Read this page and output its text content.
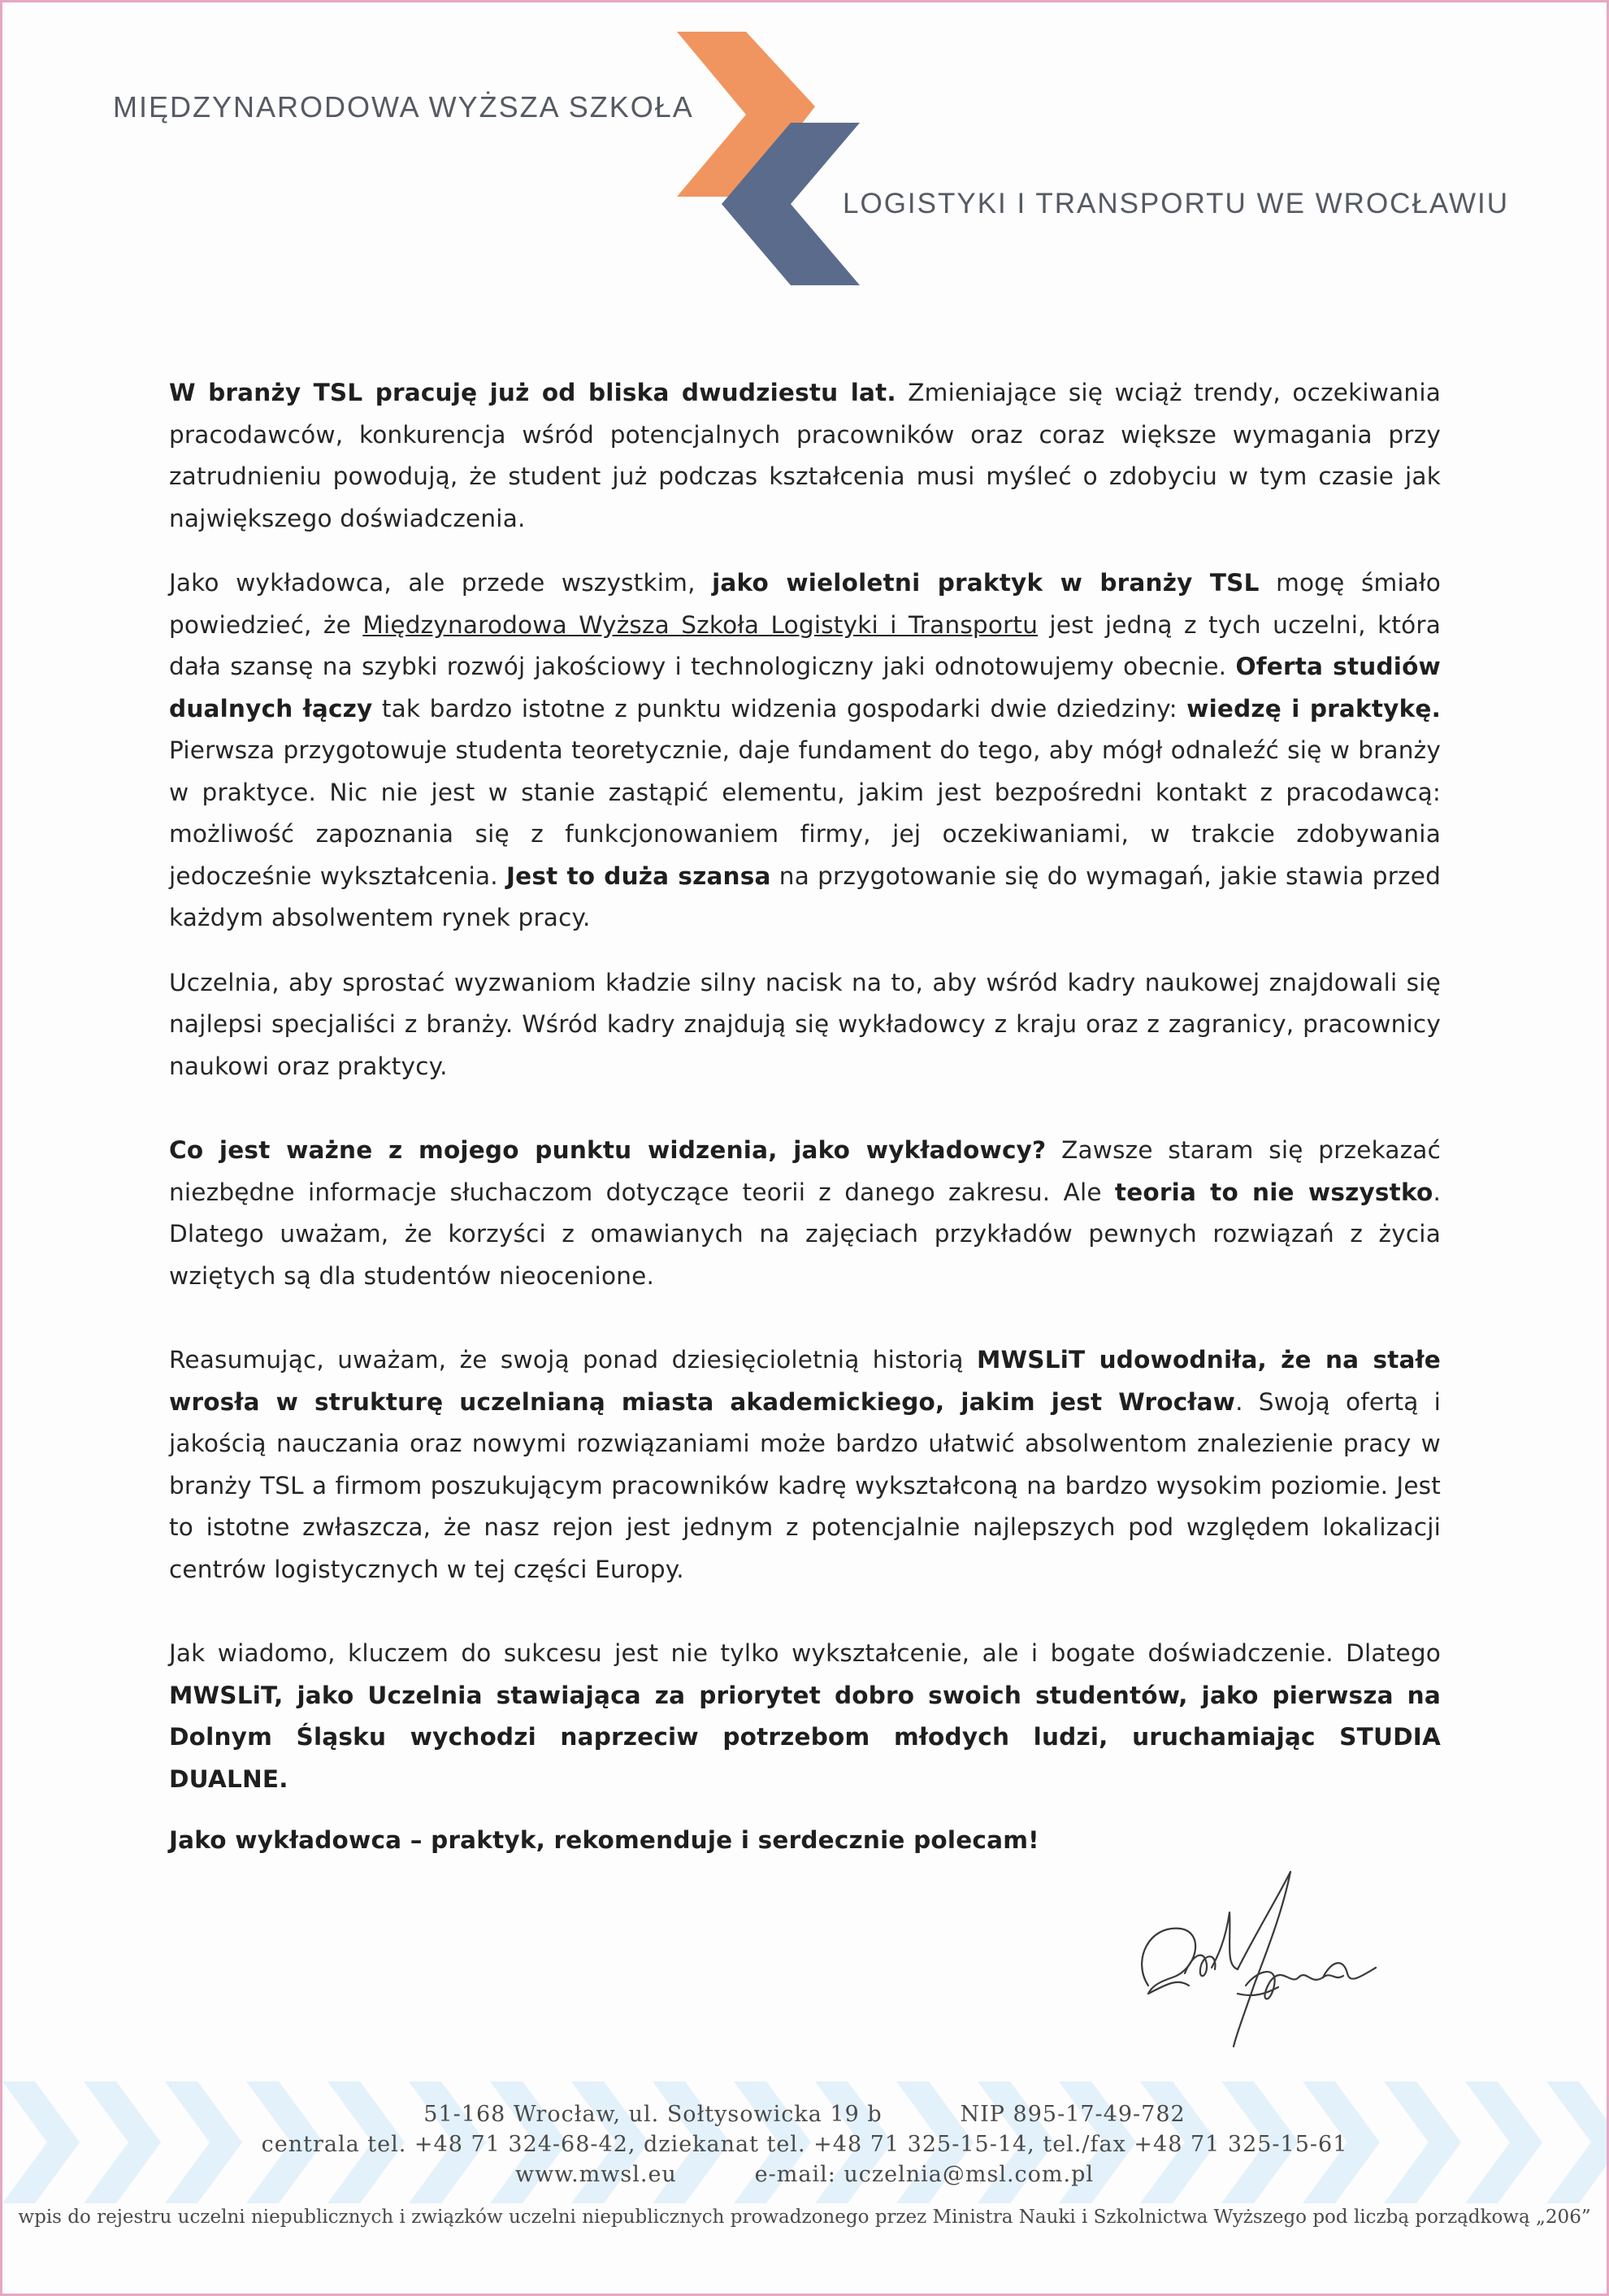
MIĘDZYNARODOWA WYŻSZA SZKOŁA
LOGISTYKI I TRANSPORTU WE WROCŁAWIU

W branży TSL pracuję już od bliska dwudziestu lat. Zmieniające się wciąż trendy, oczekiwania pracodawców, konkurencja wśród potencjalnych pracowników oraz coraz większe wymagania przy zatrudnieniu powodują, że student już podczas kształcenia musi myśleć o zdobyciu w tym czasie jak największego doświadczenia.

Jako wykładowca, ale przede wszystkim, jako wieloletni praktyk w branży TSL mogę śmiało powiedzieć, że Międzynarodowa Wyższa Szkoła Logistyki i Transportu jest jedną z tych uczelni, która dała szansę na szybki rozwój jakościowy i technologiczny jaki odnotowujemy obecnie. Oferta studiów dualnych łączy tak bardzo istotne z punktu widzenia gospodarki dwie dziedziny: wiedzę i praktykę. Pierwsza przygotowuje studenta teoretycznie, daje fundament do tego, aby mógł odnaleźć się w branży w praktyce. Nic nie jest w stanie zastąpić elementu, jakim jest bezpośredni kontakt z pracodawcą: możliwość zapoznania się z funkcjonowaniem firmy, jej oczekiwaniami, w trakcie zdobywania jedocześnie wykształcenia. Jest to duża szansa na przygotowanie się do wymagań, jakie stawia przed każdym absolwentem rynek pracy.

Uczelnia, aby sprostać wyzwaniom kładzie silny nacisk na to, aby wśród kadry naukowej znajdowali się najlepsi specjaliści z branży. Wśród kadry znajdują się wykładowcy z kraju oraz z zagranicy, pracownicy naukowi oraz praktycy.

Co jest ważne z mojego punktu widzenia, jako wykładowcy? Zawsze staram się przekazać niezbędne informacje słuchaczom dotyczące teorii z danego zakresu. Ale teoria to nie wszystko. Dlatego uważam, że korzyści z omawianych na zajęciach przykładów pewnych rozwiązań z życia wziętych są dla studentów nieocenione.

Reasumując, uważam, że swoją ponad dziesięcioletnią historią MWSLiT udowodniła, że na stałe wrosła w strukturę uczelnianą miasta akademickiego, jakim jest Wrocław. Swoją ofertą i jakością nauczania oraz nowymi rozwiązaniami może bardzo ułatwić absolwentom znalezienie pracy w branży TSL a firmom poszukującym pracowników kadrę wykształconą na bardzo wysokim poziomie. Jest to istotne zwłaszcza, że nasz rejon jest jednym z potencjalnie najlepszych pod względem lokalizacji centrów logistycznych w tej części Europy.

Jak wiadomo, kluczem do sukcesu jest nie tylko wykształcenie, ale i bogate doświadczenie. Dlatego MWSLiT, jako Uczelnia stawiająca za priorytet dobro swoich studentów, jako pierwsza na Dolnym Śląsku wychodzi naprzeciw potrzebom młodych ludzi, uruchamiając STUDIA DUALNE.

Jako wykładowca – praktyk, rekomenduje i serdecznie polecam!

51-168 Wrocław, ul. Sołtysowicka 19 b	NIP 895-17-49-782
centrala tel. +48 71 324-68-42, dziekanat tel. +48 71 325-15-14, tel./fax +48 71 325-15-61
www.mwsl.eu	e-mail: uczelnia@msl.com.pl
wpis do rejestru uczelni niepublicznych i związków uczelni niepublicznych prowadzonego przez Ministra Nauki i Szkolnictwa Wyższego pod liczbą porządkową „206”
